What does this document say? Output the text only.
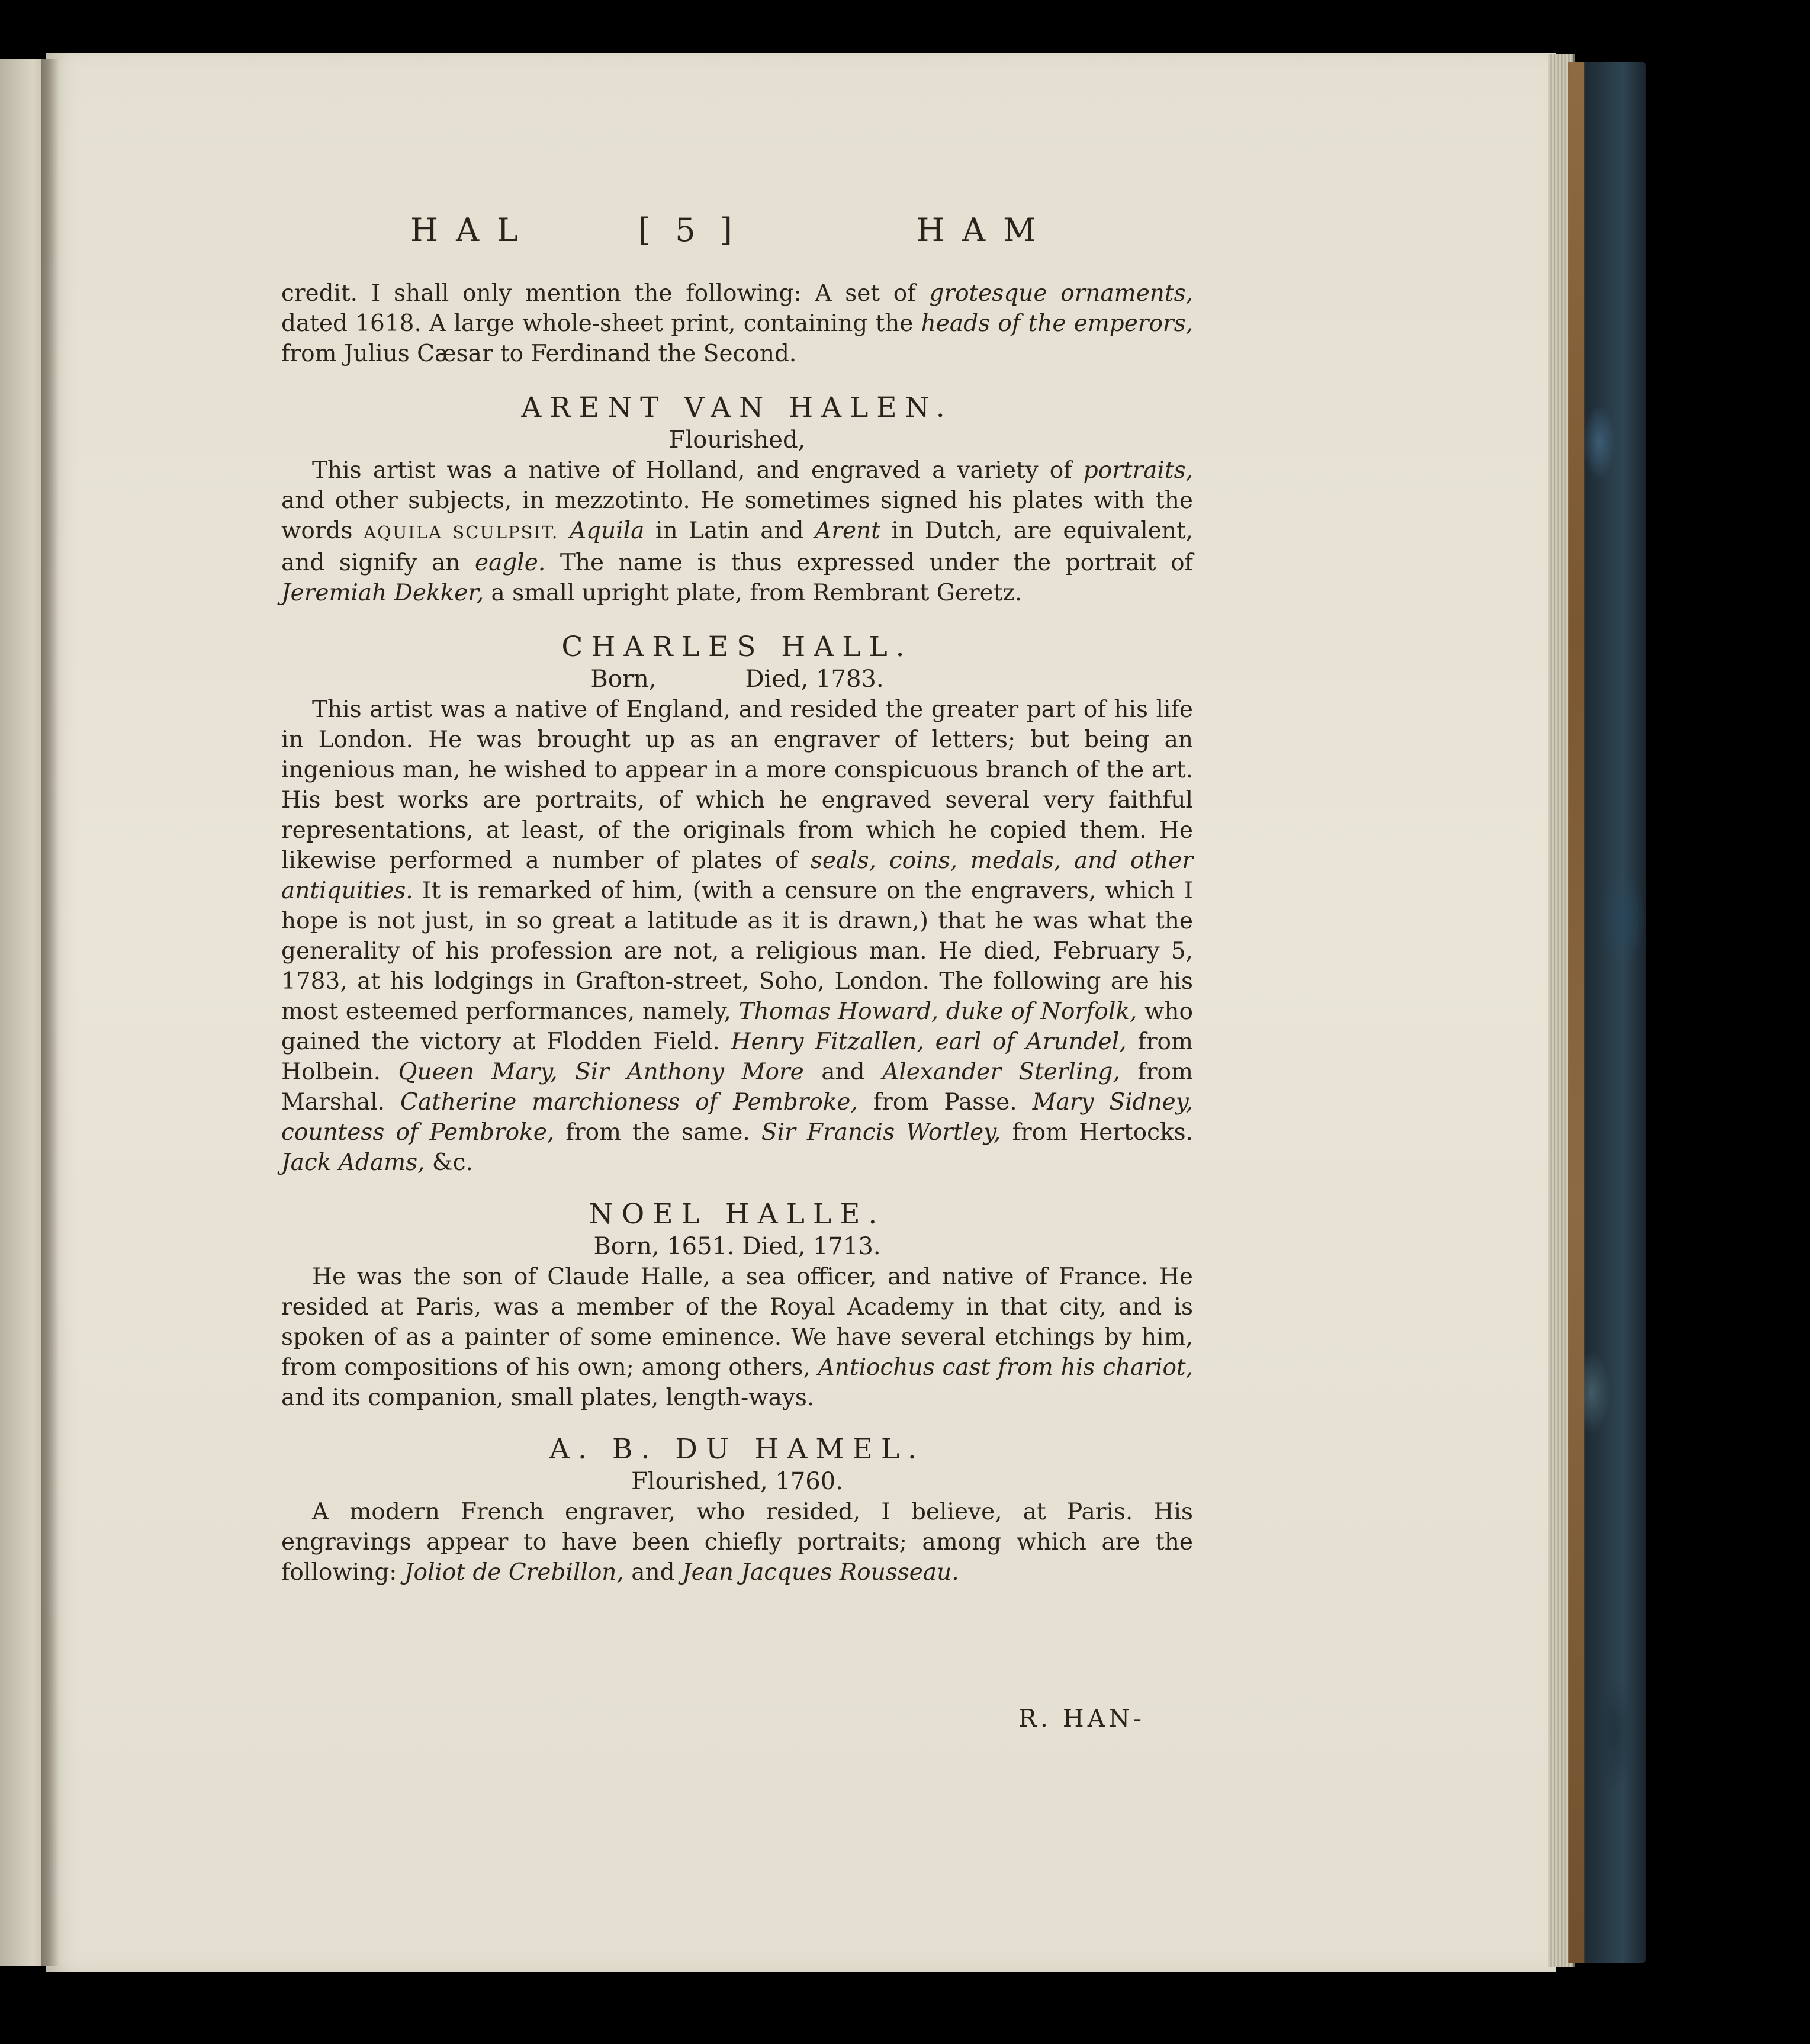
HAL	[ 5 ]	HAM

credit. I shall only mention the following: A set of grotesque ornaments, dated 1618. A large whole-sheet print, containing the heads of the emperors, from Julius Cæsar to Ferdinand the Second.

ARENT VAN HALEN.

Flourished,

This artist was a native of Holland, and engraved a variety of portraits, and other subjects, in mezzotinto. He sometimes signed his plates with the words AQUILA SCULPSIT. Aquila in Latin and Arent in Dutch, are equivalent, and signify an eagle. The name is thus expressed under the portrait of Jeremiah Dekker, a small upright plate, from Rembrant Geretz.

CHARLES HALL.

Born,	Died, 1783.

This artist was a native of England, and resided the greater part of his life in London. He was brought up as an engraver of letters; but being an ingenious man, he wished to appear in a more conspicuous branch of the art. His best works are portraits, of which he engraved several very faithful representations, at least, of the originals from which he copied them. He likewise performed a number of plates of seals, coins, medals, and other antiquities. It is remarked of him, (with a censure on the engravers, which I hope is not just, in so great a latitude as it is drawn,) that he was what the generality of his profession are not, a religious man. He died, February 5, 1783, at his lodgings in Grafton-street, Soho, London. The following are his most esteemed performances, namely, Thomas Howard, duke of Norfolk, who gained the victory at Flodden Field. Henry Fitzallen, earl of Arundel, from Holbein. Queen Mary, Sir Anthony More and Alexander Sterling, from Marshal. Catherine marchioness of Pembroke, from Passe. Mary Sidney, countess of Pembroke, from the same. Sir Francis Wortley, from Hertocks. Jack Adams, &c.

NOEL HALLE.

Born, 1651. Died, 1713.

He was the son of Claude Halle, a sea officer, and native of France. He resided at Paris, was a member of the Royal Academy in that city, and is spoken of as a painter of some eminence. We have several etchings by him, from compositions of his own; among others, Antiochus cast from his chariot, and its companion, small plates, length-ways.

A. B. DU HAMEL.

Flourished, 1760.

A modern French engraver, who resided, I believe, at Paris. His engravings appear to have been chiefly portraits; among which are the following: Joliot de Crebillon, and Jean Jacques Rousseau.

R. HAN-
